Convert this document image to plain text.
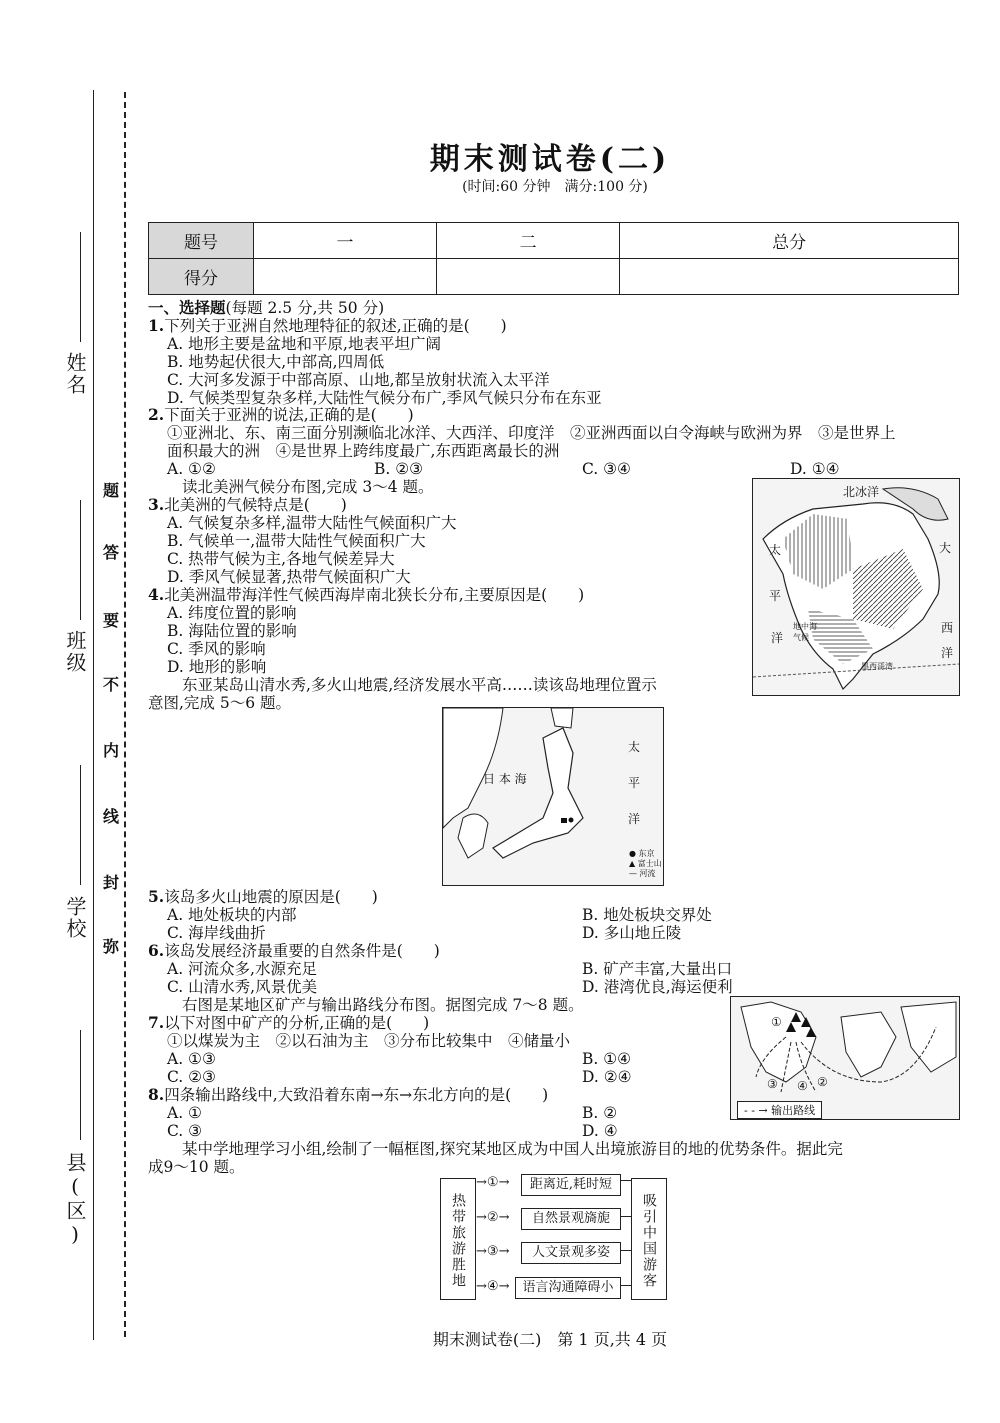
姓名
班级
学校
县(区)
题
答
要
不
内
线
封
弥
期末测试卷(二)
(时间:60 分钟　满分:100 分)
题号	一	二	总分
得分			
一、选择题(每题 2.5 分,共 50 分)
1.下列关于亚洲自然地理特征的叙述,正确的是(　　)
A. 地形主要是盆地和平原,地表平坦广阔
B. 地势起伏很大,中部高,四周低
C. 大河多发源于中部高原、山地,都呈放射状流入太平洋
D. 气候类型复杂多样,大陆性气候分布广,季风气候只分布在东亚
2.下面关于亚洲的说法,正确的是(　　)
①亚洲北、东、南三面分别濒临北冰洋、大西洋、印度洋　②亚洲西面以白令海峡与欧洲为界　③是世界上
面积最大的洲　④是世界上跨纬度最广,东西距离最长的洲
A. ①②	B. ②③	C. ③④	D. ①④
读北美洲气候分布图,完成 3～4 题。
3.北美洲的气候特点是(　　)
A. 气候复杂多样,温带大陆性气候面积广大
B. 气候单一,温带大陆性气候面积广大
C. 热带气候为主,各地气候差异大
D. 季风气候显著,热带气候面积广大
4.北美洲温带海洋性气候西海岸南北狭长分布,主要原因是(　　)
A. 纬度位置的影响
B. 海陆位置的影响
C. 季风的影响
D. 地形的影响
东亚某岛山清水秀,多火山地震,经济发展水平高……读该岛地理位置示
意图,完成 5～6 题。
北冰洋
太
平
洋
大
西
洋
地中海气候
墨西哥湾
日 本 海
太
平
洋
● 东京
▲ 富士山
— 河流
5.该岛多火山地震的原因是(　　)
A. 地处板块的内部	B. 地处板块交界处
C. 海岸线曲折	D. 多山地丘陵
6.该岛发展经济最重要的自然条件是(　　)
A. 河流众多,水源充足	B. 矿产丰富,大量出口
C. 山清水秀,风景优美	D. 港湾优良,海运便利
右图是某地区矿产与输出路线分布图。据图完成 7～8 题。
7.以下对图中矿产的分析,正确的是(　　)
①以煤炭为主　②以石油为主　③分布比较集中　④储量小
A. ①③	B. ①④
C. ②③	D. ②④
8.四条输出路线中,大致沿着东南→东→东北方向的是(　　)
A. ①	B. ②
C. ③	D. ④
①
②
③ ④
- - → 输出路线
某中学地理学习小组,绘制了一幅框图,探究某地区成为中国人出境旅游目的地的优势条件。据此完
成9～10 题。
热带旅游胜地	吸引中国游客
→①→	距离近,耗时短
→②→	自然景观旖旎
→③→	人文景观多姿
→④→	语言沟通障碍小
期末测试卷(二)　第 1 页,共 4 页
